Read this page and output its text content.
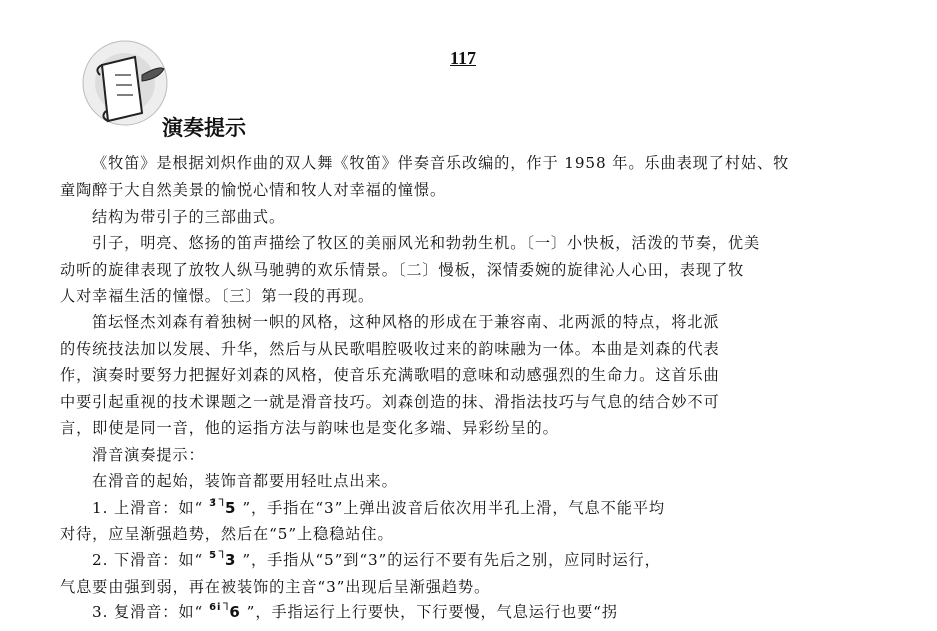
117
演奏提示
《牧笛》是根据刘炽作曲的双人舞《牧笛》伴奏音乐改编的，作于 1958 年。乐曲表现了村姑、牧
童陶醉于大自然美景的愉悦心情和牧人对幸福的憧憬。
结构为带引子的三部曲式。
引子，明亮、悠扬的笛声描绘了牧区的美丽风光和勃勃生机。〔一〕小快板，活泼的节奏，优美
动听的旋律表现了放牧人纵马驰骋的欢乐情景。〔二〕慢板，深情委婉的旋律沁人心田，表现了牧
人对幸福生活的憧憬。〔三〕第一段的再现。
笛坛怪杰刘森有着独树一帜的风格，这种风格的形成在于兼容南、北两派的特点，将北派
的传统技法加以发展、升华，然后与从民歌唱腔吸收过来的韵味融为一体。本曲是刘森的代表
作，演奏时要努力把握好刘森的风格，使音乐充满歌唱的意味和动感强烈的生命力。这首乐曲
中要引起重视的技术课题之一就是滑音技巧。刘森创造的抹、滑指法技巧与气息的结合妙不可
言，即使是同一音，他的运指方法与韵味也是变化多端、异彩纷呈的。
滑音演奏提示：
在滑音的起始，装饰音都要用轻吐点出来。
1. 上滑音：如“ 3̃ᒣ5 ”，手指在“3”上弹出波音后依次用半孔上滑，气息不能平均
对待，应呈渐强趋势，然后在“5”上稳稳站住。
2. 下滑音：如“ 5ᒣ3 ”，手指从“5”到“3”的运行不要有先后之别，应同时运行，
气息要由强到弱，再在被装饰的主音“3”出现后呈渐强趋势。
3. 复滑音：如“ 6iᒣ6 ”，手指运行上行要快，下行要慢，气息运行也要“拐
